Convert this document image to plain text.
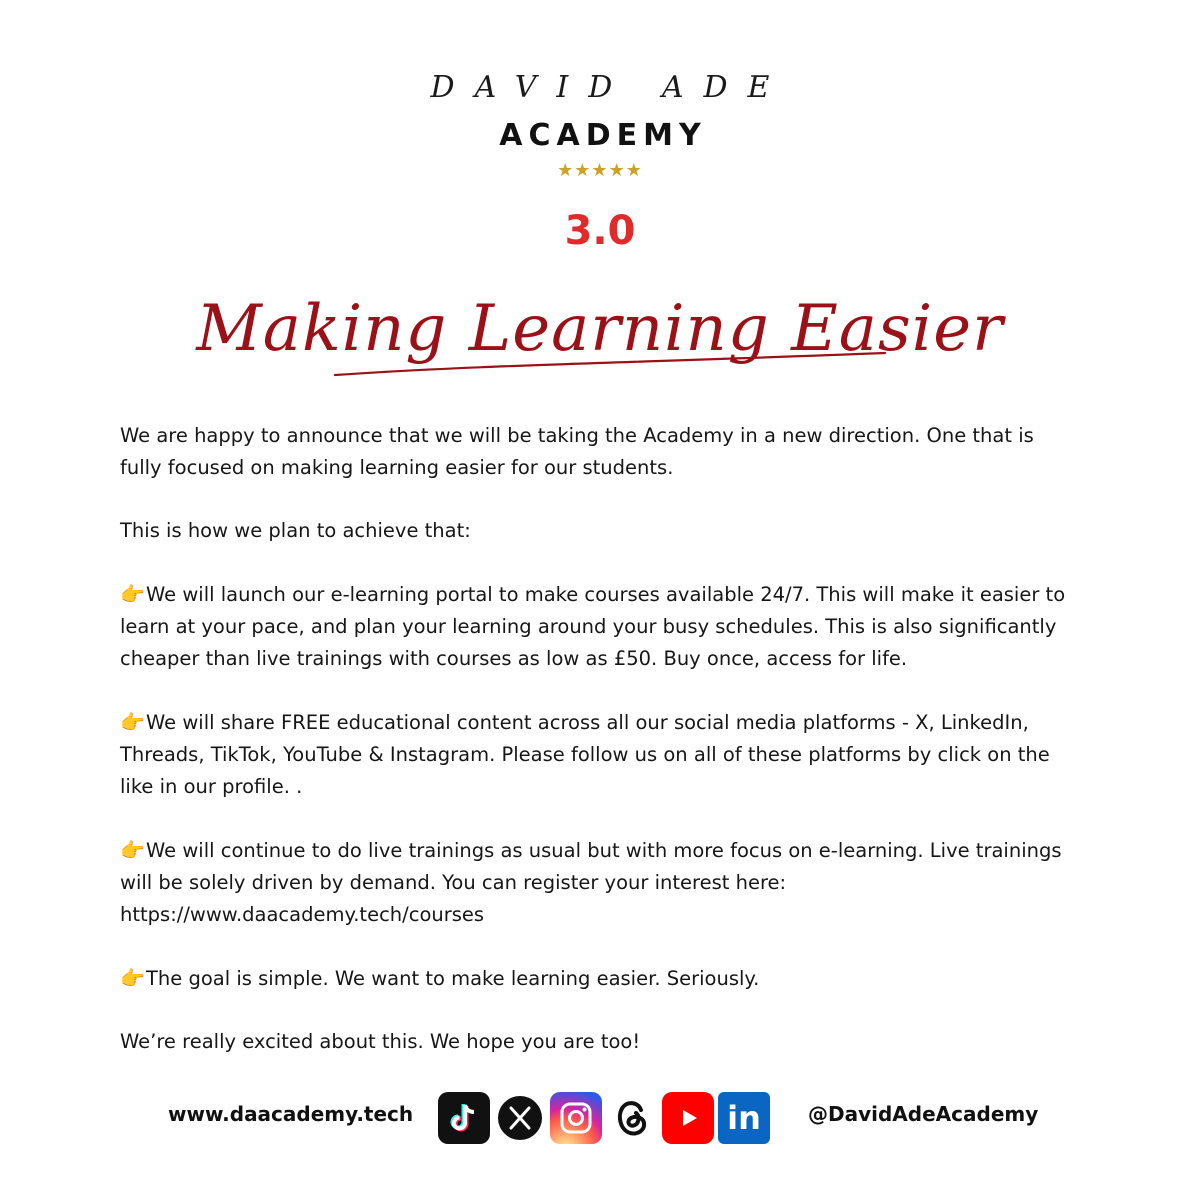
DAVID ADE
ACADEMY
★★★★★
3.0
Making Learning Easier

We are happy to announce that we will be taking the Academy in a new direction. One that is fully focused on making learning easier for our students.

This is how we plan to achieve that:

👉We will launch our e-learning portal to make courses available 24/7. This will make it easier to learn at your pace, and plan your learning around your busy schedules. This is also significantly cheaper than live trainings with courses as low as £50. Buy once, access for life.

👉We will share FREE educational content across all our social media platforms - X, LinkedIn, Threads, TikTok, YouTube & Instagram. Please follow us on all of these platforms by click on the like in our profile. .

👉We will continue to do live trainings as usual but with more focus on e-learning. Live trainings will be solely driven by demand. You can register your interest here: https://www.daacademy.tech/courses

👉The goal is simple. We want to make learning easier. Seriously.

We’re really excited about this. We hope you are too!

www.daacademy.tech	in @DavidAdeAcademy
